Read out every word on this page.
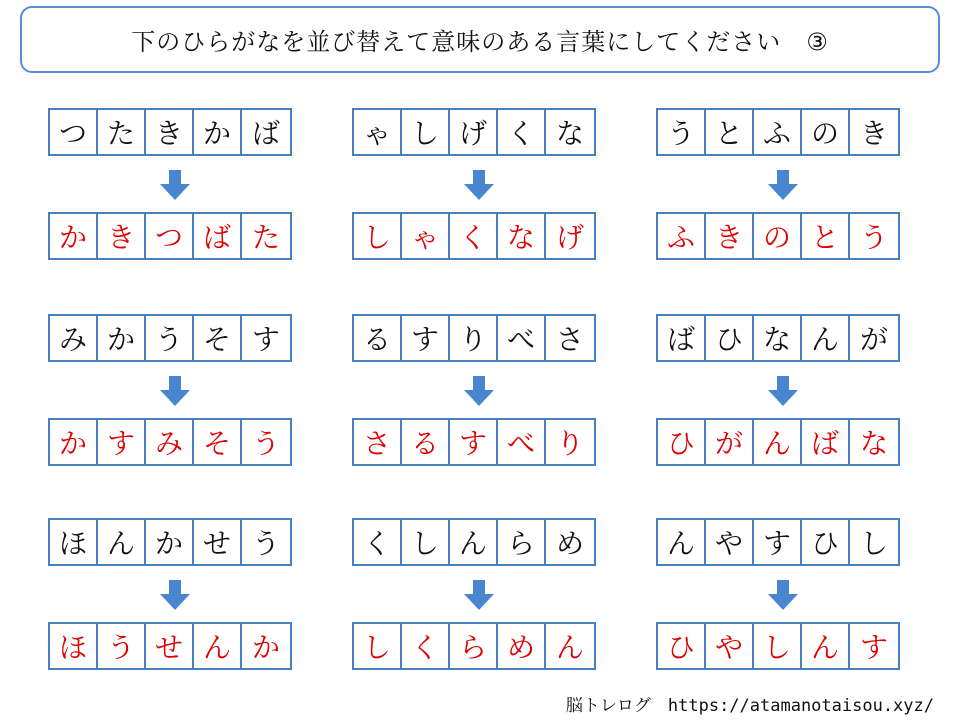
下のひらがなを並び替えて意味のある言葉にしてください　③
つ た き か ば
か き つ ば た
ゃ し げ く な
し ゃ く な げ
う と ふ の き
ふ き の と う
み か う そ す
か す み そ う
る す り べ さ
さ る す べ り
ば ひ な ん が
ひ が ん ば な
ほ ん か せ う
ほ う せ ん か
く し ん ら め
し く ら め ん
ん や す ひ し
ひ や し ん す
脳トレログ　https://atamanotaisou.xyz/
